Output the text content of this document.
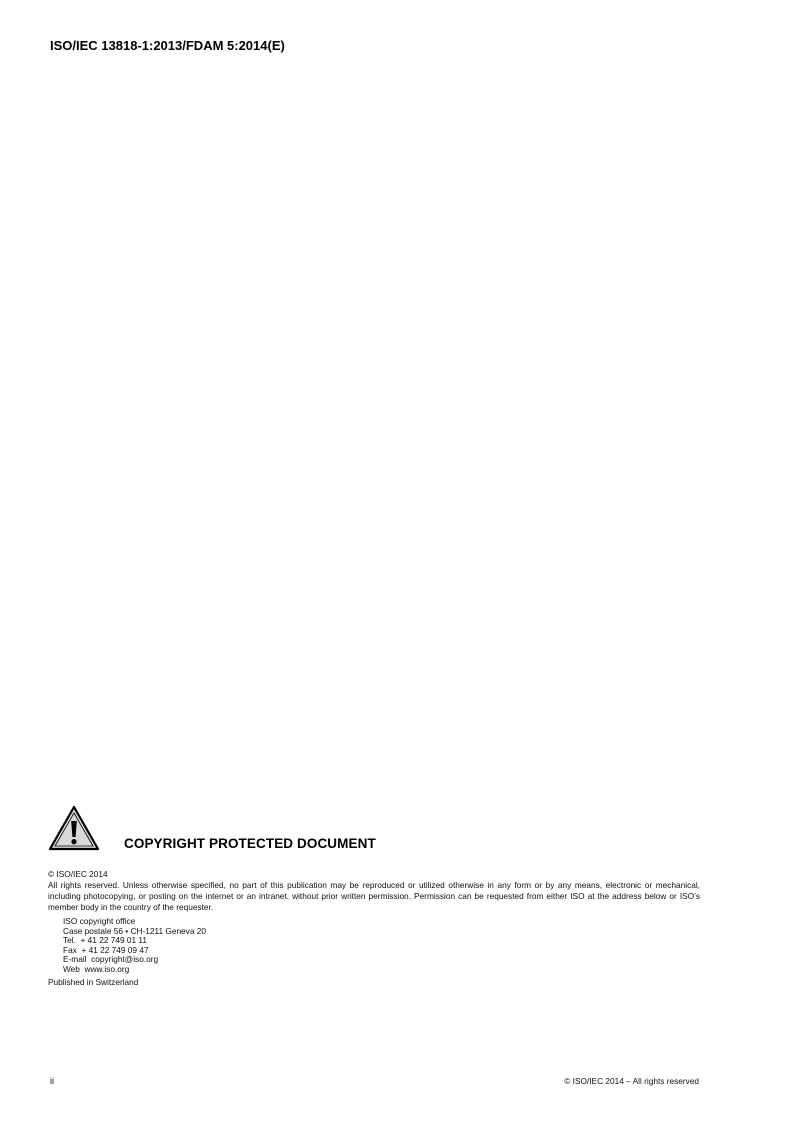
ISO/IEC 13818-1:2013/FDAM 5:2014(E)
COPYRIGHT PROTECTED DOCUMENT
© ISO/IEC 2014
All rights reserved. Unless otherwise specified, no part of this publication may be reproduced or utilized otherwise in any form or by any means, electronic or mechanical, including photocopying, or posting on the internet or an intranet, without prior written permission. Permission can be requested from either ISO at the address below or ISO’s member body in the country of the requester.
ISO copyright office
Case postale 56 • CH-1211 Geneva 20
Tel.  + 41 22 749 01 11
Fax  + 41 22 749 09 47
E-mail  copyright@iso.org
Web  www.iso.org
Published in Switzerland
ii	© ISO/IEC 2014 – All rights reserved
